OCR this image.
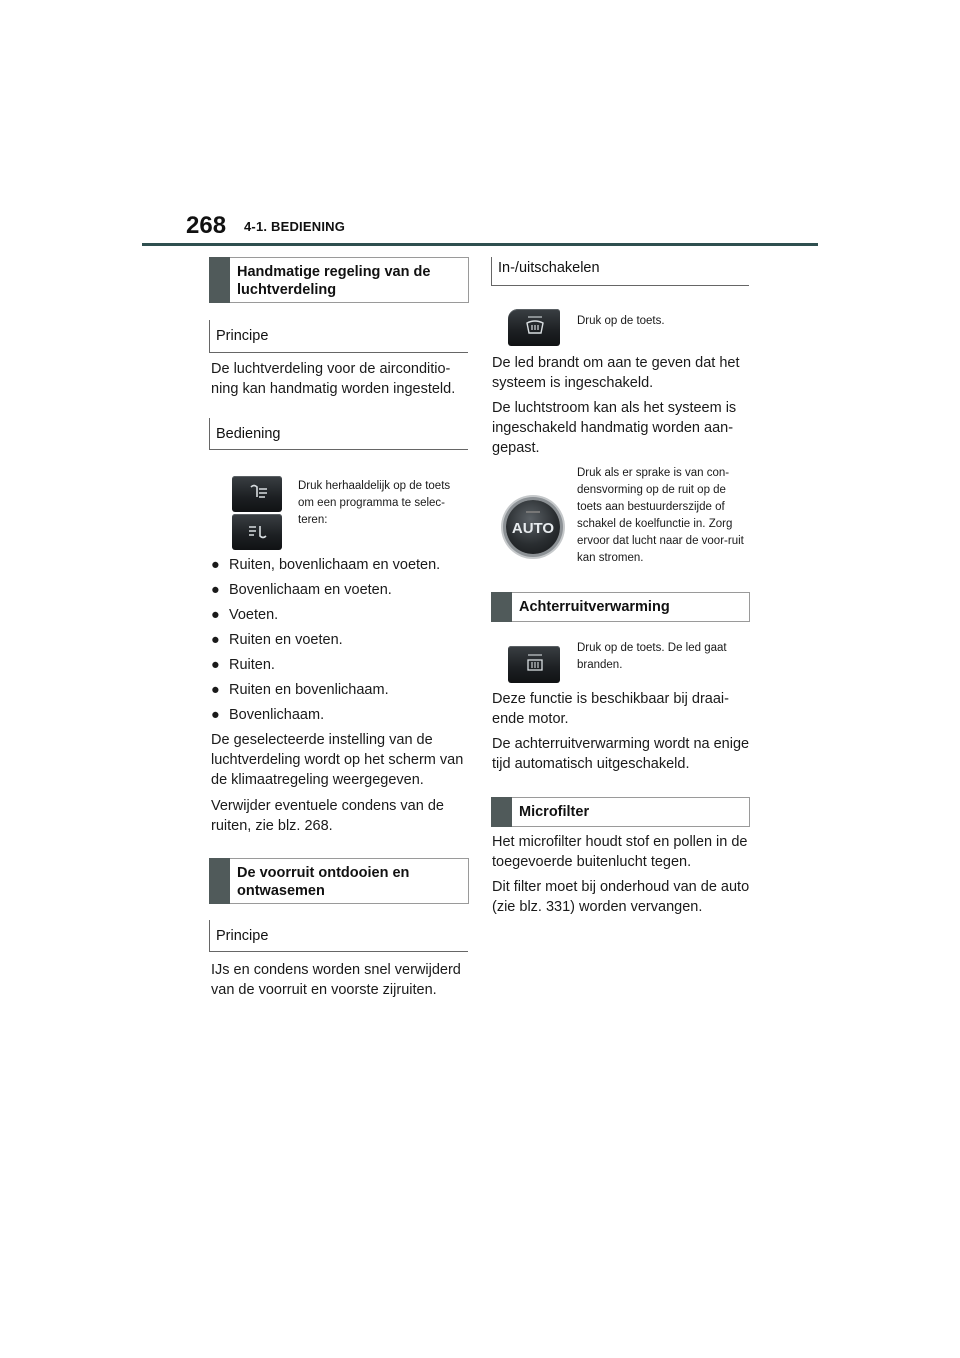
268 4-1. BEDIENING
Handmatige regeling van de luchtverdeling
Principe
De luchtverdeling voor de airconditio-ning kan handmatig worden ingesteld.
Bediening
Druk herhaaldelijk op de toets om een programma te selec-teren:
● Ruiten, bovenlichaam en voeten.
● Bovenlichaam en voeten.
● Voeten.
● Ruiten en voeten.
● Ruiten.
● Ruiten en bovenlichaam.
● Bovenlichaam.
De geselecteerde instelling van de luchtverdeling wordt op het scherm van de klimaatregeling weergegeven.
Verwijder eventuele condens van de ruiten, zie blz. 268.
De voorruit ontdooien en ontwasemen
Principe
IJs en condens worden snel verwijderd van de voorruit en voorste zijruiten.
In-/uitschakelen
Druk op de toets.
De led brandt om aan te geven dat het systeem is ingeschakeld.
De luchtstroom kan als het systeem is ingeschakeld handmatig worden aan-gepast.
AUTO
Druk als er sprake is van con-densvorming op de ruit op de toets aan bestuurderszijde of schakel de koelfunctie in. Zorg ervoor dat lucht naar de voor-ruit kan stromen.
Achterruitverwarming
Druk op de toets. De led gaat branden.
Deze functie is beschikbaar bij draai-ende motor.
De achterruitverwarming wordt na enige tijd automatisch uitgeschakeld.
Microfilter
Het microfilter houdt stof en pollen in de toegevoerde buitenlucht tegen.
Dit filter moet bij onderhoud van de auto (zie blz. 331) worden vervangen.
